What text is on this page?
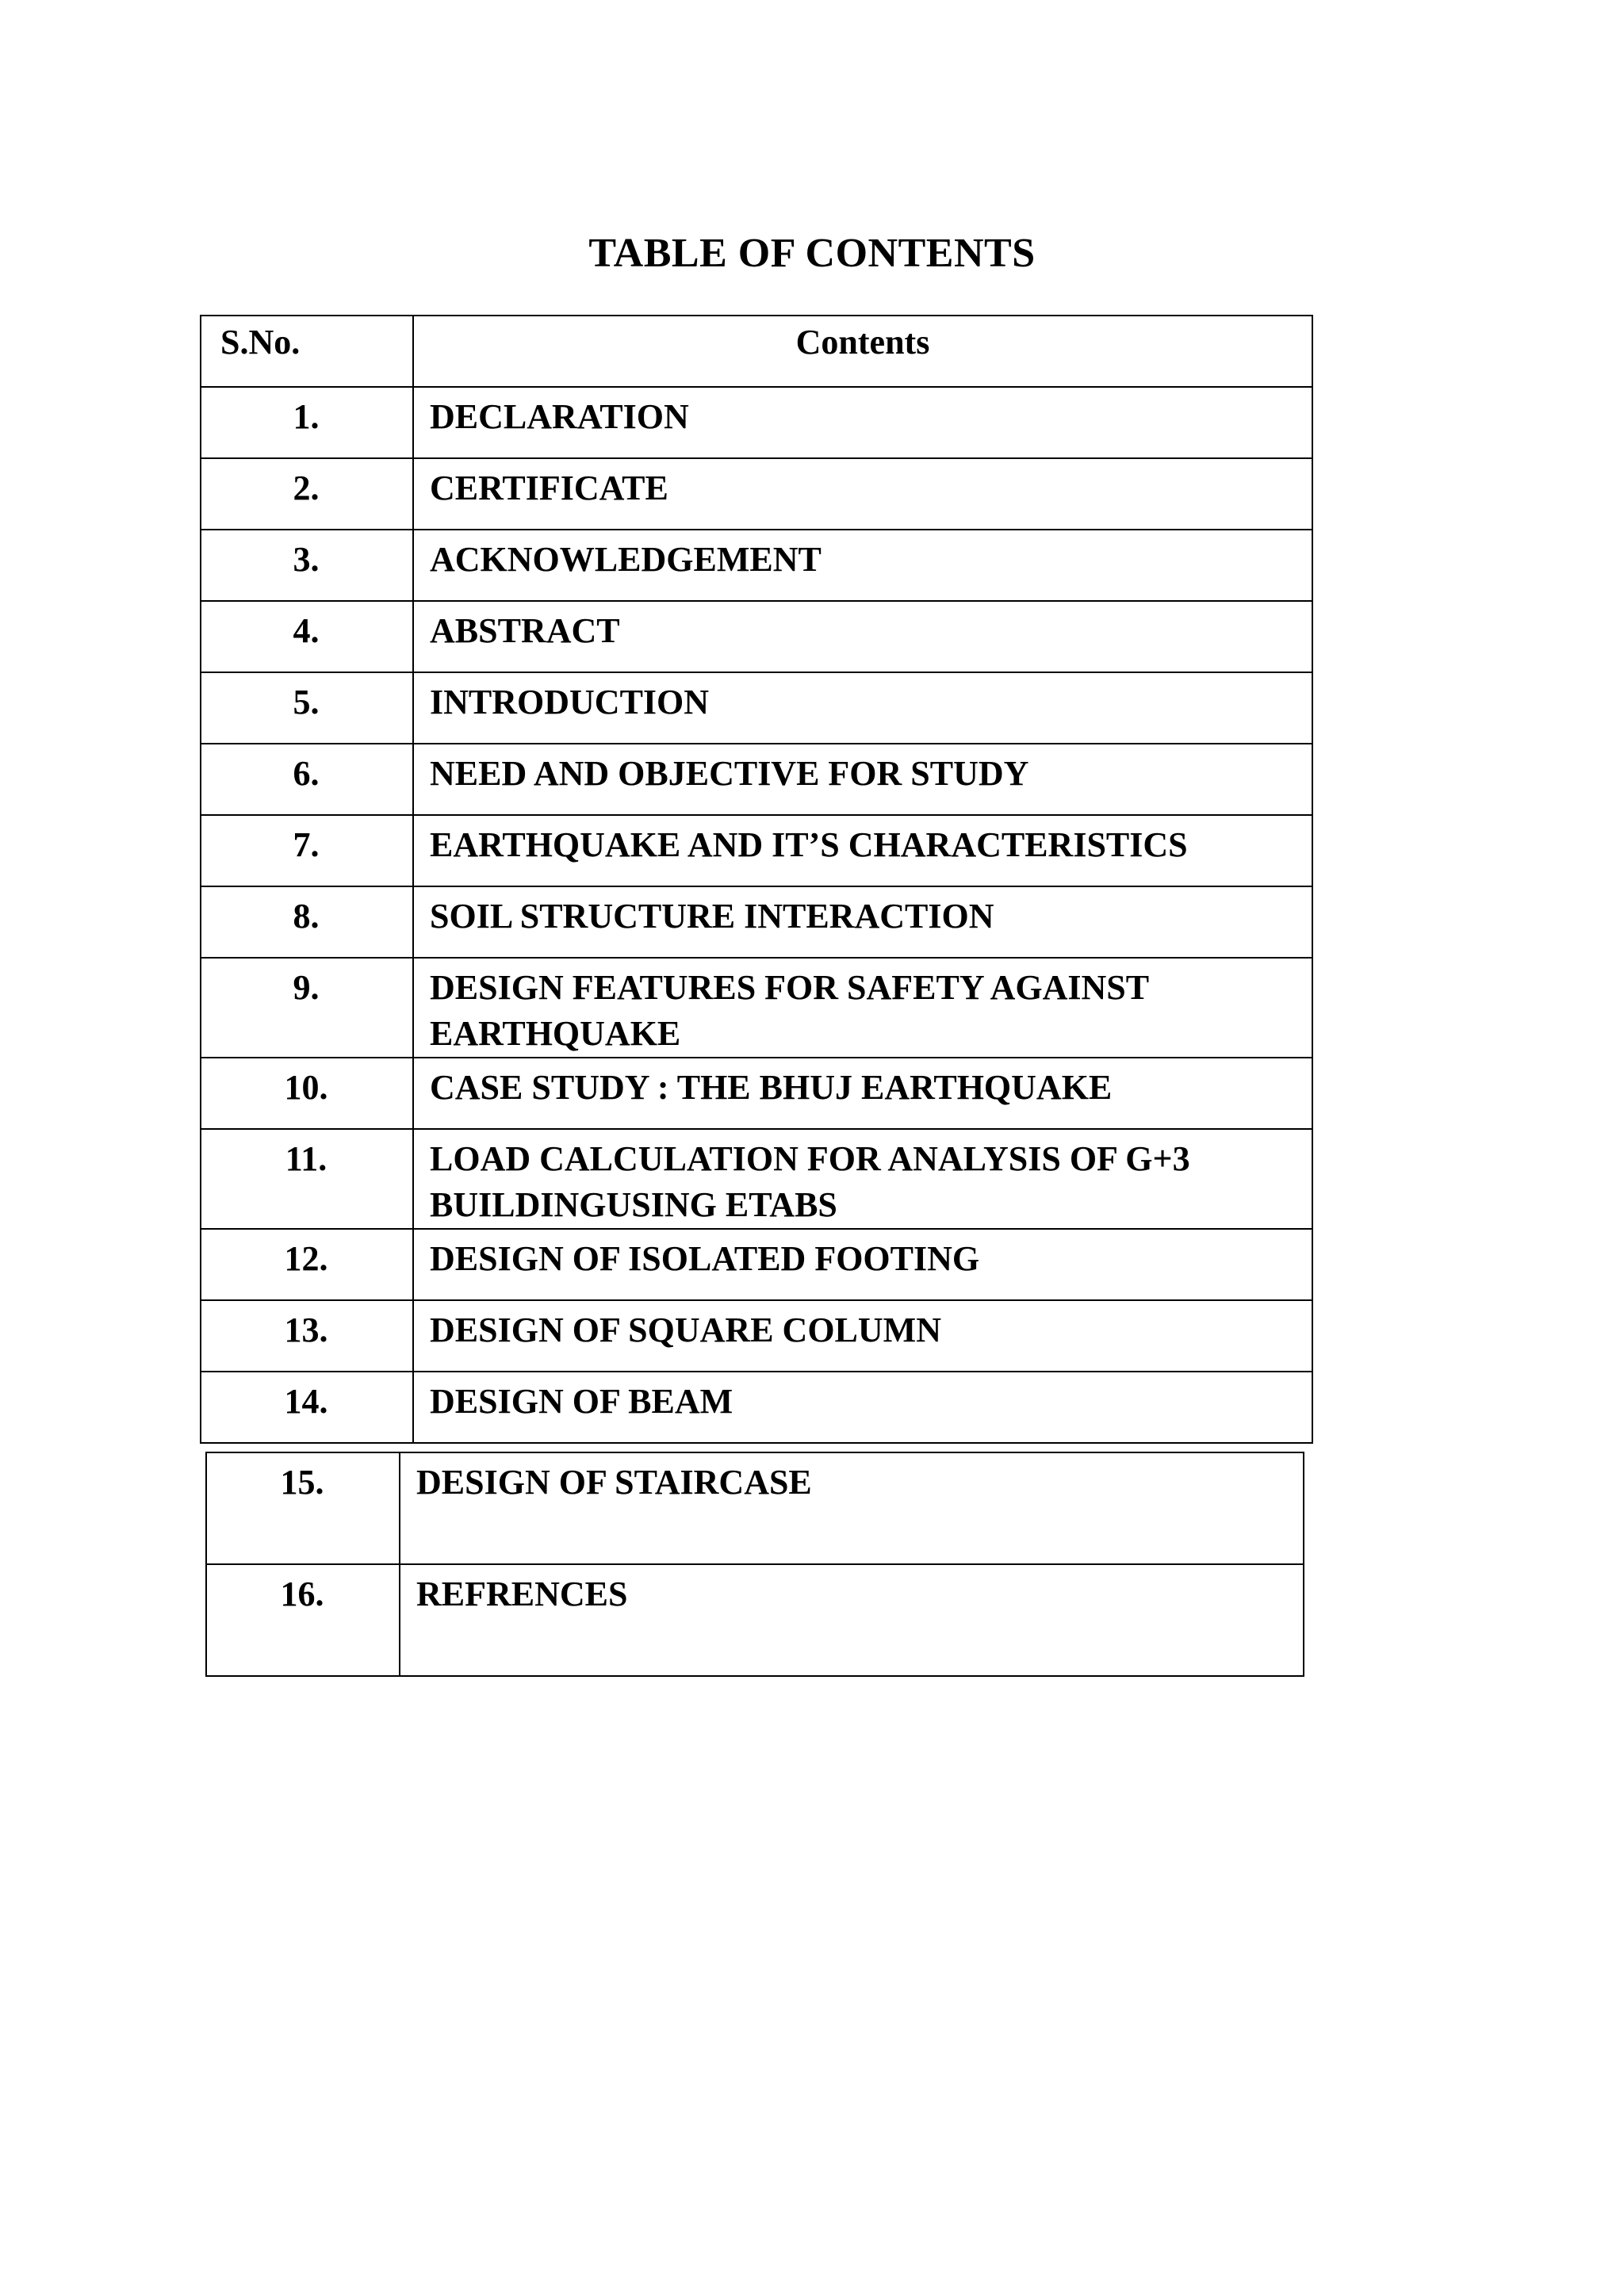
TABLE OF CONTENTS
S.No.	Contents
1.	DECLARATION
2.	CERTIFICATE
3.	ACKNOWLEDGEMENT
4.	ABSTRACT
5.	INTRODUCTION
6.	NEED AND OBJECTIVE FOR STUDY
7.	EARTHQUAKE AND IT’S CHARACTERISTICS
8.	SOIL STRUCTURE INTERACTION
9.	DESIGN FEATURES FOR SAFETY AGAINST EARTHQUAKE
10.	CASE STUDY : THE BHUJ EARTHQUAKE
11.	LOAD CALCULATION FOR ANALYSIS OF G+3 BUILDINGUSING ETABS
12.	DESIGN OF ISOLATED FOOTING
13.	DESIGN OF SQUARE COLUMN
14.	DESIGN OF BEAM
15.	DESIGN OF STAIRCASE
16.	REFRENCES
